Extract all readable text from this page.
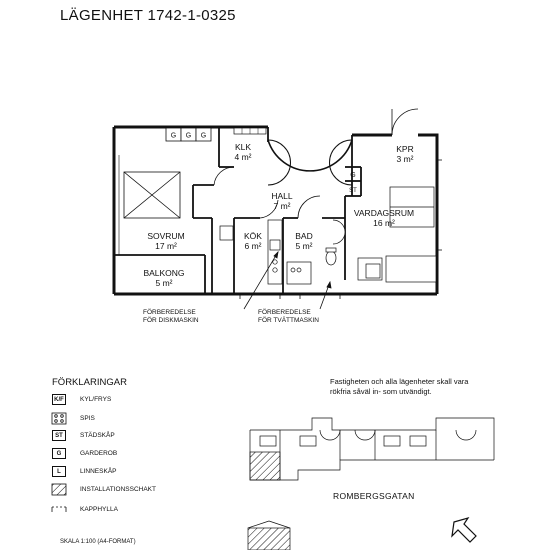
LÄGENHET 1742-1-0325
G G G
G
ST
KLK
4 m²
KPR
3 m²
HALL
7 m²
VARDAGSRUM
16 m²
SOVRUM
17 m²
KÖK
6 m²
BAD
5 m²
BALKONG
5 m²
FÖRBEREDELSE
FÖR DISKMASKIN
FÖRBEREDELSE
FÖR TVÄTTMASKIN
FÖRKLARINGAR
K/F	KYL/FRYS
SPIS
ST	STÄDSKÅP
G	GARDEROB
L	LINNESKÅP
INSTALLATIONSSCHAKT
KAPPHYLLA
Fastigheten och alla lägenheter skall vara
rökfria såväl in- som utvändigt.
ROMBERGSGATAN
SKALA 1:100 (A4-FORMAT)
